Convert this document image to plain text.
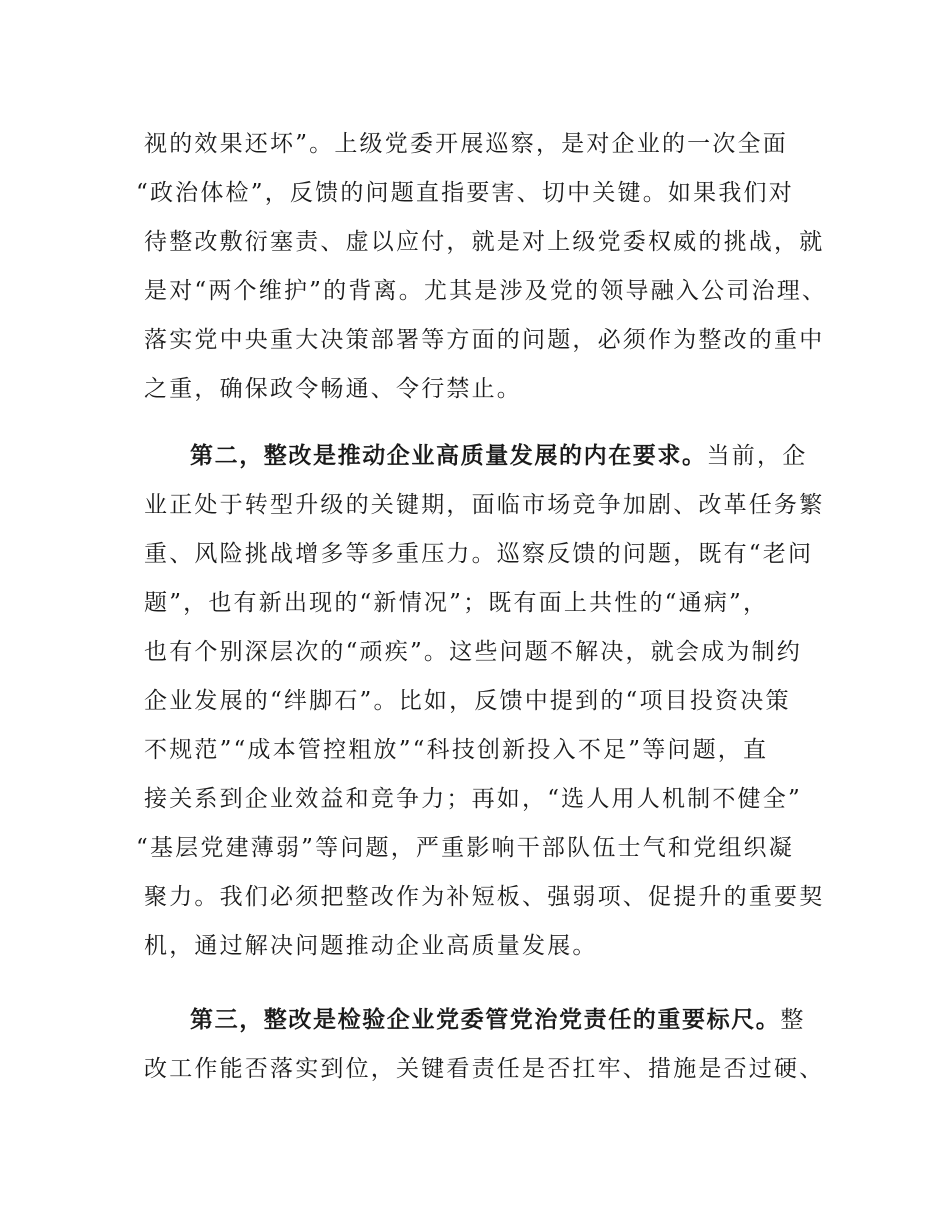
视的效果还坏”。上级党委开展巡察，是对企业的一次全面
“政治体检”，反馈的问题直指要害、切中关键。如果我们对
待整改敷衍塞责、虚以应付，就是对上级党委权威的挑战，就
是对“两个维护”的背离。尤其是涉及党的领导融入公司治理、
落实党中央重大决策部署等方面的问题，必须作为整改的重中
之重，确保政令畅通、令行禁止。
第二，整改是推动企业高质量发展的内在要求。当前，企
业正处于转型升级的关键期，面临市场竞争加剧、改革任务繁
重、风险挑战增多等多重压力。巡察反馈的问题，既有“老问
题”，也有新出现的“新情况”；既有面上共性的“通病”，
也有个别深层次的“顽疾”。这些问题不解决，就会成为制约
企业发展的“绊脚石”。比如，反馈中提到的“项目投资决策
不规范”“成本管控粗放”“科技创新投入不足”等问题，直
接关系到企业效益和竞争力；再如，“选人用人机制不健全”
“基层党建薄弱”等问题，严重影响干部队伍士气和党组织凝
聚力。我们必须把整改作为补短板、强弱项、促提升的重要契
机，通过解决问题推动企业高质量发展。
第三，整改是检验企业党委管党治党责任的重要标尺。整
改工作能否落实到位，关键看责任是否扛牢、措施是否过硬、
